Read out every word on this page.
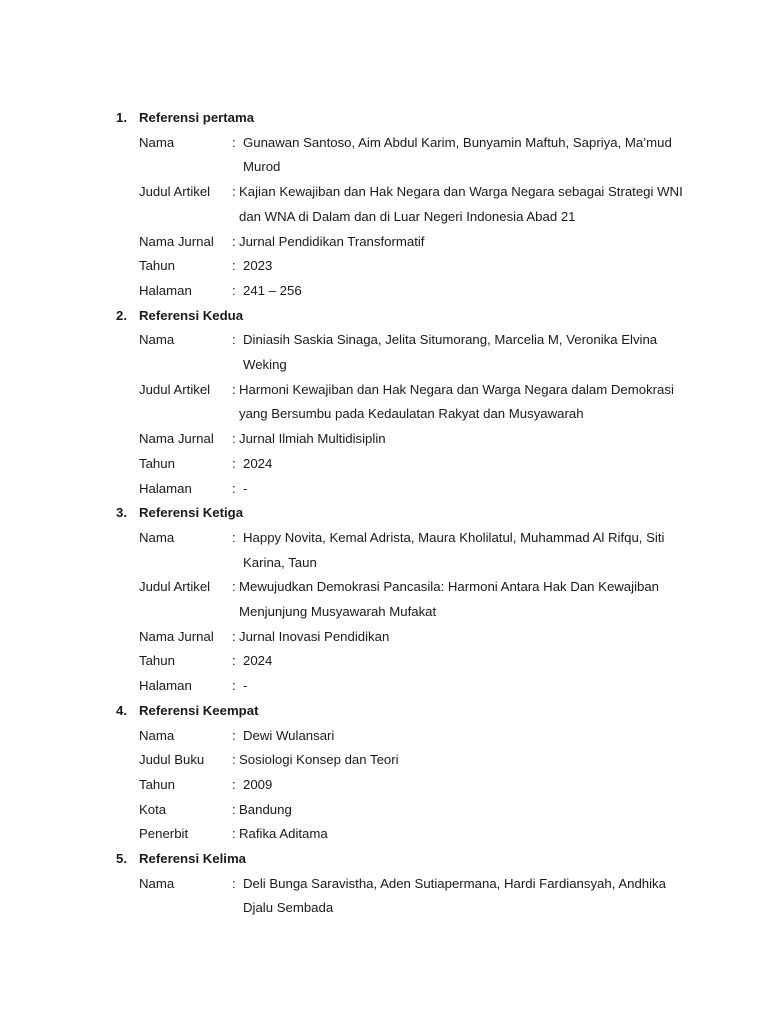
1. Referensi pertama
Nama	: Gunawan Santoso, Aim Abdul Karim, Bunyamin Maftuh, Sapriya, Ma’mud
Murod
Judul Artikel : Kajian Kewajiban dan Hak Negara dan Warga Negara sebagai Strategi WNI
dan WNA di Dalam dan di Luar Negeri Indonesia Abad 21
Nama Jurnal : Jurnal Pendidikan Transformatif
Tahun	: 2023
Halaman	: 241 – 256
2. Referensi Kedua
Nama	: Diniasih Saskia Sinaga, Jelita Situmorang, Marcelia M, Veronika Elvina
Weking
Judul Artikel : Harmoni Kewajiban dan Hak Negara dan Warga Negara dalam Demokrasi
yang Bersumbu pada Kedaulatan Rakyat dan Musyawarah
Nama Jurnal : Jurnal Ilmiah Multidisiplin
Tahun	: 2024
Halaman	: -
3. Referensi Ketiga
Nama	: Happy Novita, Kemal Adrista, Maura Kholilatul, Muhammad Al Rifqu, Siti
Karina, Taun
Judul Artikel : Mewujudkan Demokrasi Pancasila: Harmoni Antara Hak Dan Kewajiban
Menjunjung Musyawarah Mufakat
Nama Jurnal : Jurnal Inovasi Pendidikan
Tahun	: 2024
Halaman	: -
4. Referensi Keempat
Nama	: Dewi Wulansari
Judul Buku : Sosiologi Konsep dan Teori
Tahun	: 2009
Kota	: Bandung
Penerbit	: Rafika Aditama
5. Referensi Kelima
Nama	: Deli Bunga Saravistha, Aden Sutiapermana, Hardi Fardiansyah, Andhika
Djalu Sembada
